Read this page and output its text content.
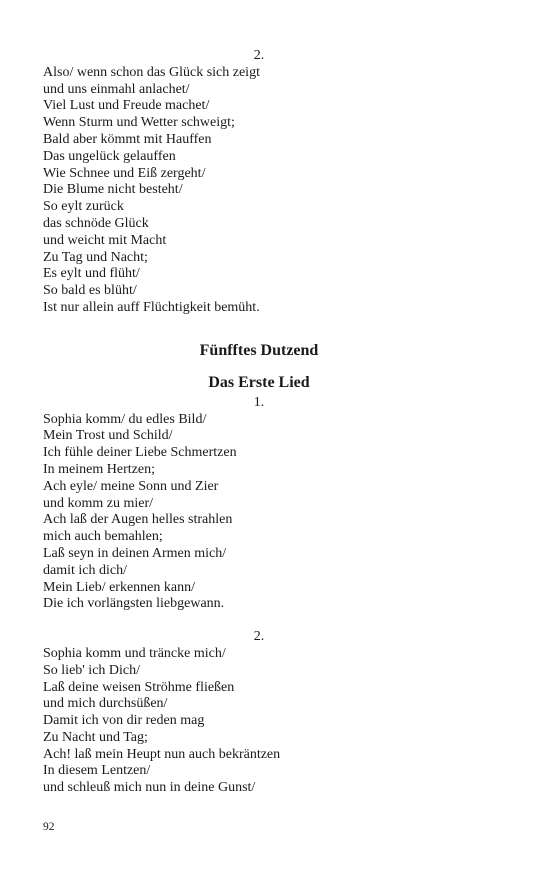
2.
Also/ wenn schon das Glück sich zeigt
und uns einmahl anlachet/
Viel Lust und Freude machet/
Wenn Sturm und Wetter schweigt;
Bald aber kömmt mit Hauffen
Das ungelück gelauffen
Wie Schnee und Eiß zergeht/
Die Blume nicht besteht/
So eylt zurück
das schnöde Glück
und weicht mit Macht
Zu Tag und Nacht;
Es eylt und flüht/
So bald es blüht/
Ist nur allein auff Flüchtigkeit bemüht.
Fünfftes Dutzend
Das Erste Lied
1.
Sophia komm/ du edles Bild/
Mein Trost und Schild/
Ich fühle deiner Liebe Schmertzen
In meinem Hertzen;
Ach eyle/ meine Sonn und Zier
und komm zu mier/
Ach laß der Augen helles strahlen
mich auch bemahlen;
Laß seyn in deinen Armen mich/
damit ich dich/
Mein Lieb/ erkennen kann/
Die ich vorlängsten liebgewann.
2.
Sophia komm und träncke mich/
So lieb' ich Dich/
Laß deine weisen Ströhme fließen
und mich durchsüßen/
Damit ich von dir reden mag
Zu Nacht und Tag;
Ach! laß mein Heupt nun auch bekräntzen
In diesem Lentzen/
und schleuß mich nun in deine Gunst/
92
